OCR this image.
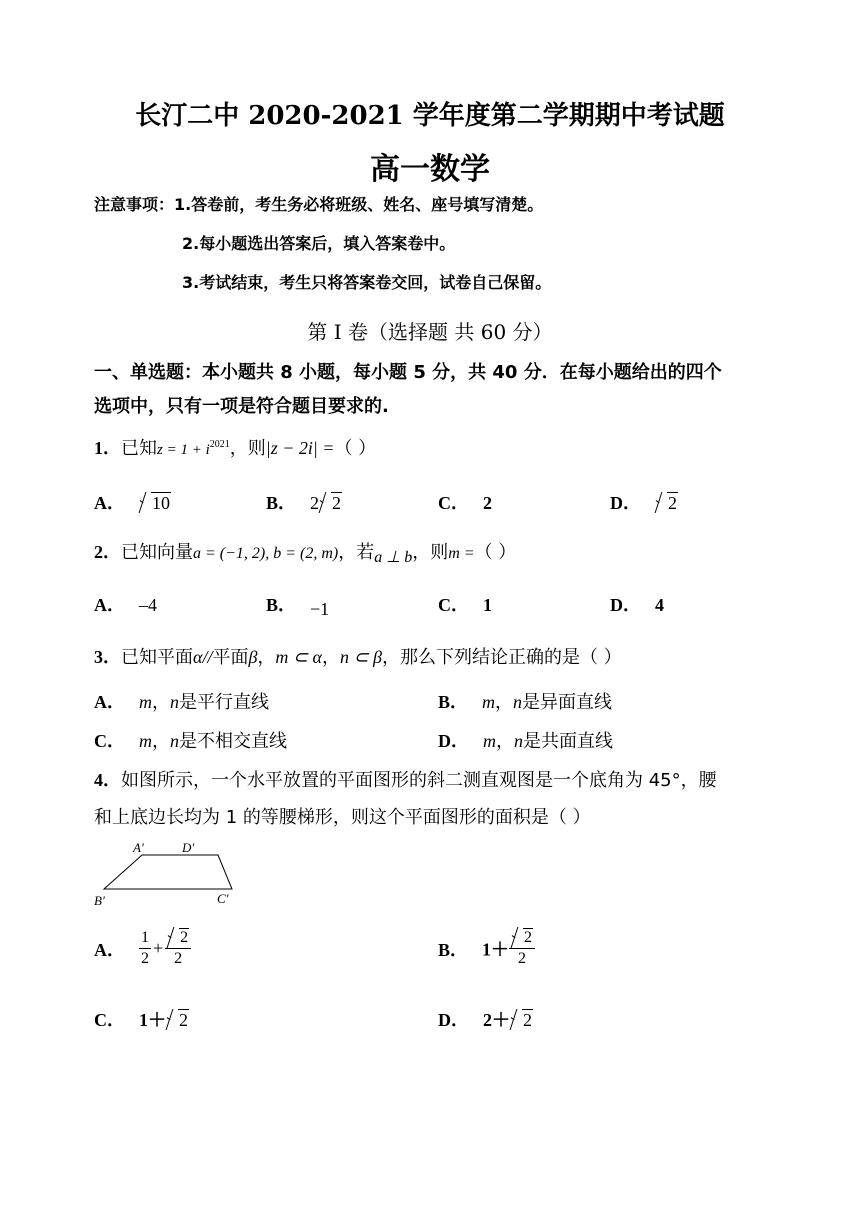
长汀二中 2020-2021 学年度第二学期期中考试题
高一数学
注意事项：1.答卷前，考生务必将班级、姓名、座号填写清楚。
2.每小题选出答案后，填入答案卷中。
3.考试结束，考生只将答案卷交回，试卷自己保留。
第 I 卷（选择题 共 60 分）
一、单选题：本小题共 8 小题，每小题 5 分，共 40 分．在每小题给出的四个
选项中，只有一项是符合题目要求的.
1．已知$z = 1 + i^{2021}$，则|z − 2i| =（ ）
A． 10	B． 2 2	C． 2	D． 2
2．已知向量a = (−1, 2), b = (2, m)，若a ⊥ b，则m =（ ）
A． –4	B． −1	C． 1	D． 4
3．已知平面α//平面β，m ⊂ α，n ⊂ β，那么下列结论正确的是（ ）
A． m，n是平行直线	B． m，n是异面直线
C． m，n是不相交直线	D． m，n是共面直线
4．如图所示，一个水平放置的平面图形的斜二测直观图是一个底角为 45°，腰
和上底边长均为 1 的等腰梯形，则这个平面图形的面积是（ ）
A′	D′
B′	C′
A． $\frac{1}{2} + \frac{2}{2}$	B． $1+ \frac{2}{2}$
C． 1＋ 2	D． 2＋ 2
